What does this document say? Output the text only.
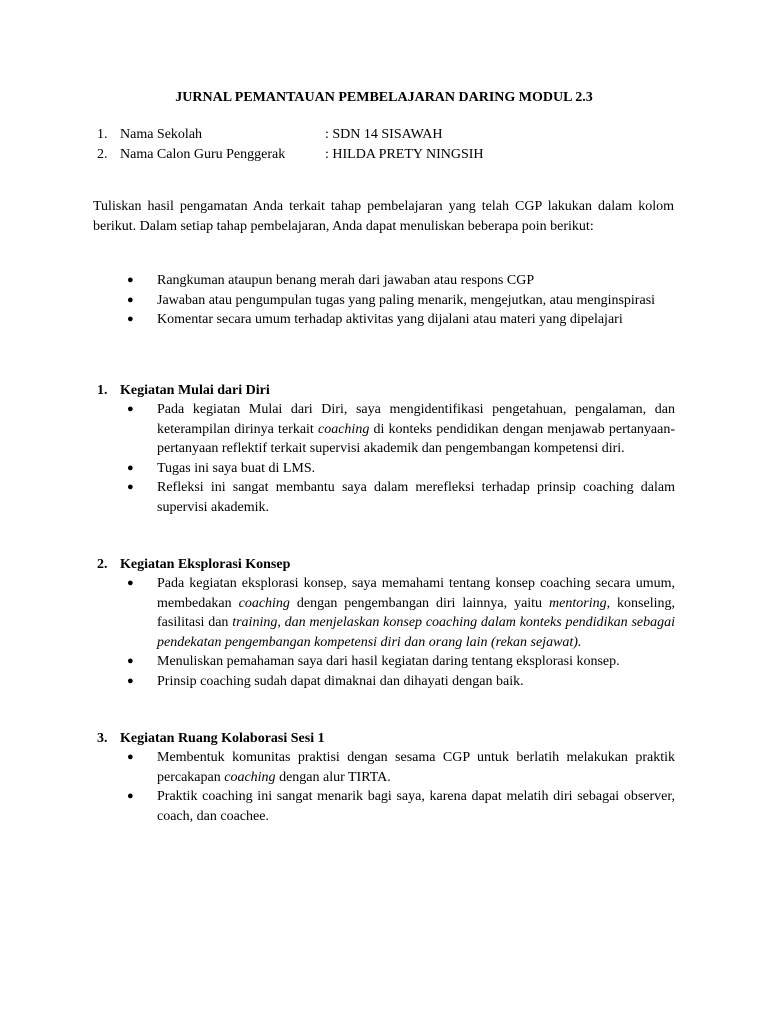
JURNAL PEMANTAUAN PEMBELAJARAN DARING MODUL 2.3
1. Nama Sekolah	: SDN 14 SISAWAH
2. Nama Calon Guru Penggerak	: HILDA PRETY NINGSIH
Tuliskan hasil pengamatan Anda terkait tahap pembelajaran yang telah CGP lakukan dalam kolom berikut. Dalam setiap tahap pembelajaran, Anda dapat menuliskan beberapa poin berikut:
● Rangkuman ataupun benang merah dari jawaban atau respons CGP
● Jawaban atau pengumpulan tugas yang paling menarik, mengejutkan, atau menginspirasi
● Komentar secara umum terhadap aktivitas yang dijalani atau materi yang dipelajari
1. Kegiatan Mulai dari Diri
● Pada kegiatan Mulai dari Diri, saya mengidentifikasi pengetahuan, pengalaman, dan keterampilan dirinya terkait coaching di konteks pendidikan dengan menjawab pertanyaan-pertanyaan reflektif terkait supervisi akademik dan pengembangan kompetensi diri.
● Tugas ini saya buat di LMS.
● Refleksi ini sangat membantu saya dalam merefleksi terhadap prinsip coaching dalam supervisi akademik.
2. Kegiatan Eksplorasi Konsep
● Pada kegiatan eksplorasi konsep, saya memahami tentang konsep coaching secara umum, membedakan coaching dengan pengembangan diri lainnya, yaitu mentoring, konseling, fasilitasi dan training, dan menjelaskan konsep coaching dalam konteks pendidikan sebagai pendekatan pengembangan kompetensi diri dan orang lain (rekan sejawat).
● Menuliskan pemahaman saya dari hasil kegiatan daring tentang eksplorasi konsep.
● Prinsip coaching sudah dapat dimaknai dan dihayati dengan baik.
3. Kegiatan Ruang Kolaborasi Sesi 1
● Membentuk komunitas praktisi dengan sesama CGP untuk berlatih melakukan praktik percakapan coaching dengan alur TIRTA.
● Praktik coaching ini sangat menarik bagi saya, karena dapat melatih diri sebagai observer, coach, dan coachee.
